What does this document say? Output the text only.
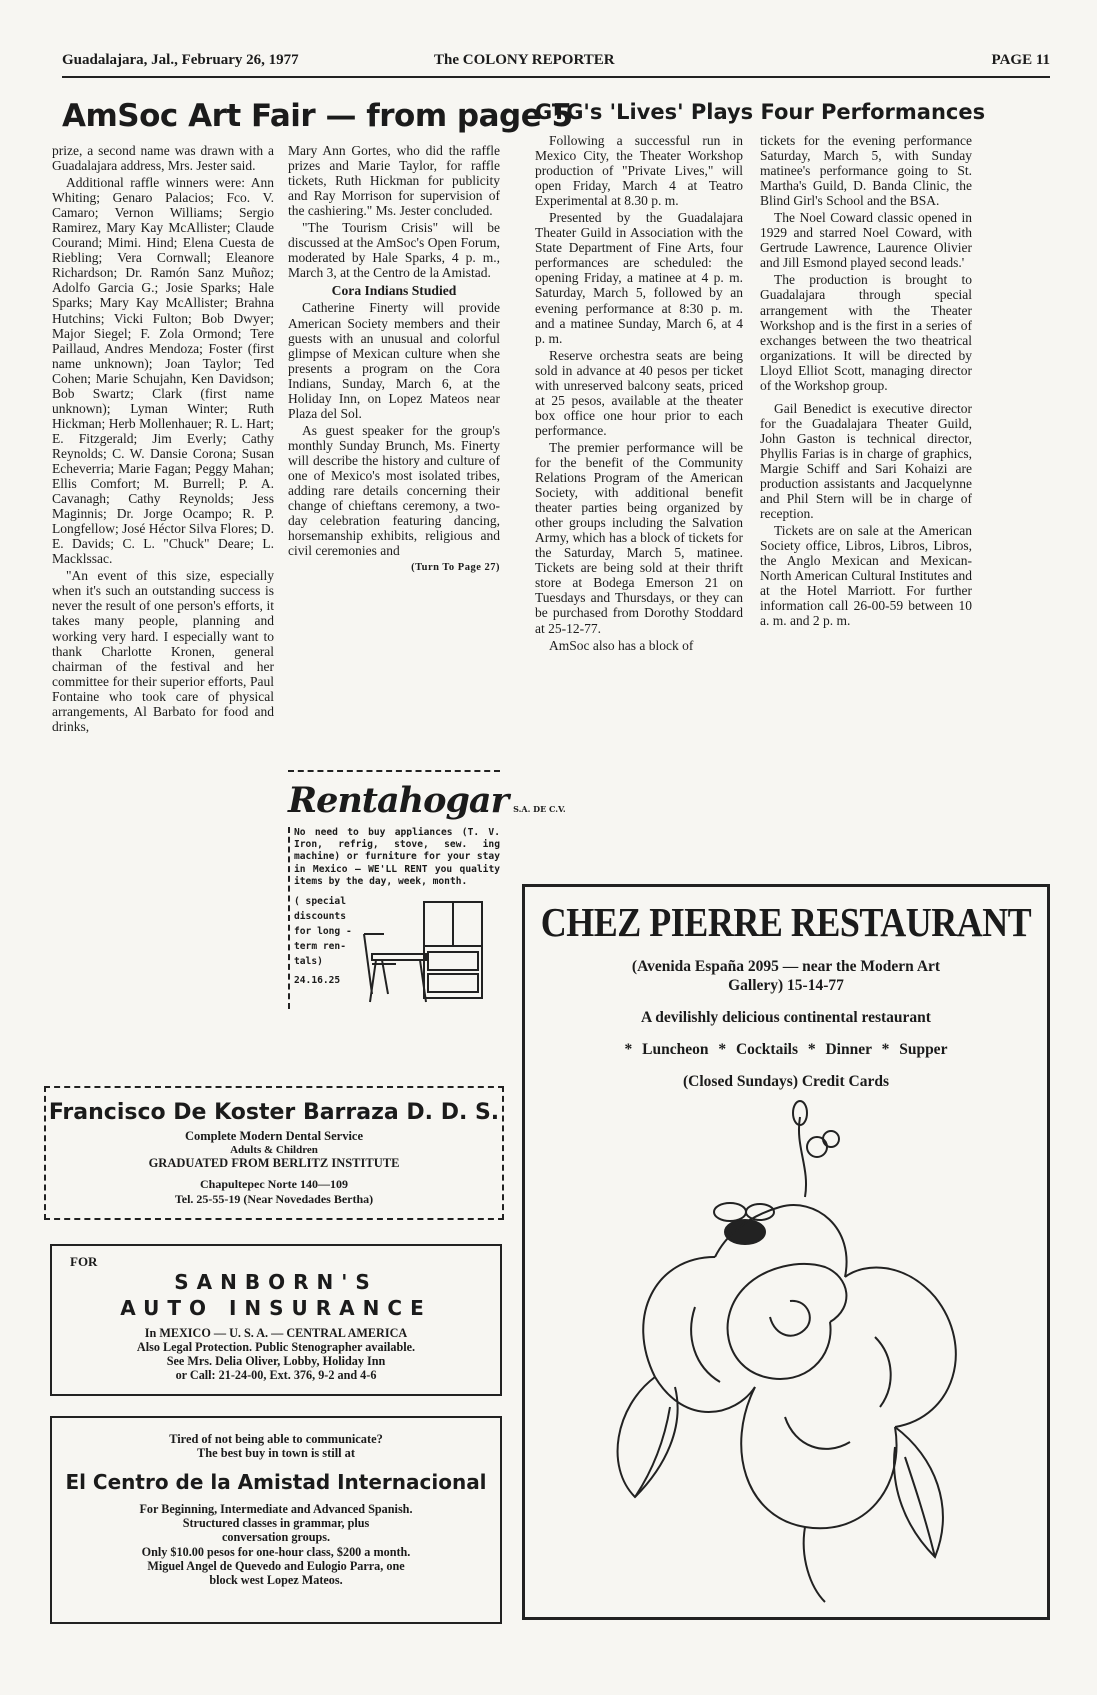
Guadalajara, Jal., February 26, 1977	The COLONY REPORTER	PAGE 11
AmSoc Art Fair — from page 5

prize, a second name was drawn with a Guadalajara address, Mrs. Jester said.

Additional raffle winners were: Ann Whiting; Genaro Palacios; Fco. V. Camaro; Vernon Williams; Sergio Ramirez, Mary Kay McAllister; Claude Courand; Mimi. Hind; Elena Cuesta de Riebling; Vera Cornwall; Eleanore Richardson; Dr. Ramón Sanz Muñoz; Adolfo Garcia G.; Josie Sparks; Hale Sparks; Mary Kay McAllister; Brahna Hutchins; Vicki Fulton; Bob Dwyer; Major Siegel; F. Zola Ormond; Tere Paillaud, Andres Mendoza; Foster (first name unknown); Joan Taylor; Ted Cohen; Marie Schujahn, Ken Davidson; Bob Swartz; Clark (first name unknown); Lyman Winter; Ruth Hickman; Herb Mollenhauer; R. L. Hart; E. Fitzgerald; Jim Everly; Cathy Reynolds; C. W. Dansie Corona; Susan Echeverria; Marie Fagan; Peggy Mahan; Ellis Comfort; M. Burrell; P. A. Cavanagh; Cathy Reynolds; Jess Maginnis; Dr. Jorge Ocampo; R. P. Longfellow; José Héctor Silva Flores; D. E. Davids; C. L. "Chuck" Deare; L. Macklssac.

"An event of this size, especially when it's such an outstanding success is never the result of one person's efforts, it takes many people, planning and working very hard. I especially want to thank Charlotte Kronen, general chairman of the festival and her committee for their superior efforts, Paul Fontaine who took care of physical arrangements, Al Barbato for food and drinks,

Mary Ann Gortes, who did the raffle prizes and Marie Taylor, for raffle tickets, Ruth Hickman for publicity and Ray Morrison for supervision of the cashiering." Ms. Jester concluded.

"The Tourism Crisis" will be discussed at the AmSoc's Open Forum, moderated by Hale Sparks, 4 p. m., March 3, at the Centro de la Amistad.

Cora Indians Studied

Catherine Finerty will provide American Society members and their guests with an unusual and colorful glimpse of Mexican culture when she presents a program on the Cora Indians, Sunday, March 6, at the Holiday Inn, on Lopez Mateos near Plaza del Sol.

As guest speaker for the group's monthly Sunday Brunch, Ms. Finerty will describe the history and culture of one of Mexico's most isolated tribes, adding rare details concerning their change of chieftans ceremony, a two-day celebration featuring dancing, horsemanship exhibits, religious and civil ceremonies and

(Turn To Page 27)
Rentahogar S.A. DE C.V.
No need to buy appliances (T. V. Iron, refrig, stove, sew. ing machine) or furniture for your stay in Mexico — WE'LL RENT you quality items by the day, week, month.
( special
discounts
for long -
term ren-
tals)
24.16.25
GTG's 'Lives' Plays Four Performances

Following a successful run in Mexico City, the Theater Workshop production of "Private Lives," will open Friday, March 4 at Teatro Experimental at 8.30 p. m.

Presented by the Guadalajara Theater Guild in Association with the State Department of Fine Arts, four performances are scheduled: the opening Friday, a matinee at 4 p. m. Saturday, March 5, followed by an evening performance at 8:30 p. m. and a matinee Sunday, March 6, at 4 p. m.

Reserve orchestra seats are being sold in advance at 40 pesos per ticket with unreserved balcony seats, priced at 25 pesos, available at the theater box office one hour prior to each performance.

The premier performance will be for the benefit of the Community Relations Program of the American Society, with additional benefit theater parties being organized by other groups including the Salvation Army, which has a block of tickets for the Saturday, March 5, matinee. Tickets are being sold at their thrift store at Bodega Emerson 21 on Tuesdays and Thursdays, or they can be purchased from Dorothy Stoddard at 25-12-77.

AmSoc also has a block of

tickets for the evening performance Saturday, March 5, with Sunday matinee's performance going to St. Martha's Guild, D. Banda Clinic, the Blind Girl's School and the BSA.

The Noel Coward classic opened in 1929 and starred Noel Coward, with Gertrude Lawrence, Laurence Olivier and Jill Esmond played second leads.'

The production is brought to Guadalajara through special arrangement with the Theater Workshop and is the first in a series of exchanges between the two theatrical organizations. It will be directed by Lloyd Elliot Scott, managing director of the Workshop group.

Gail Benedict is executive director for the Guadalajara Theater Guild, John Gaston is technical director, Phyllis Farias is in charge of graphics, Margie Schiff and Sari Kohaizi are production assistants and Jacquelynne and Phil Stern will be in charge of reception.

Tickets are on sale at the American Society office, Libros, Libros, Libros, the Anglo Mexican and Mexican-North American Cultural Institutes and at the Hotel Marriott. For further information call 26-00-59 between 10 a. m. and 2 p. m.

Francisco De Koster Barraza D. D. S.
Complete Modern Dental Service
Adults & Children
GRADUATED FROM BERLITZ INSTITUTE
Chapultepec Norte 140—109
Tel. 25-55-19 (Near Novedades Bertha)
FOR
SANBORN'S
AUTO INSURANCE
In MEXICO — U. S. A. — CENTRAL AMERICA
Also Legal Protection. Public Stenographer available.
See Mrs. Delia Oliver, Lobby, Holiday Inn
or Call: 21-24-00, Ext. 376, 9-2 and 4-6
Tired of not being able to communicate?
The best buy in town is still at
El Centro de la Amistad Internacional
For Beginning, Intermediate and Advanced Spanish.
Structured classes in grammar, plus
conversation groups.
Only $10.00 pesos for one-hour class, $200 a month.
Miguel Angel de Quevedo and Eulogio Parra, one
block west Lopez Mateos.
CHEZ PIERRE RESTAURANT
(Avenida España 2095 — near the Modern Art
Gallery) 15-14-77
A devilishly delicious continental restaurant
* Luncheon * Cocktails * Dinner * Supper
(Closed Sundays) Credit Cards
